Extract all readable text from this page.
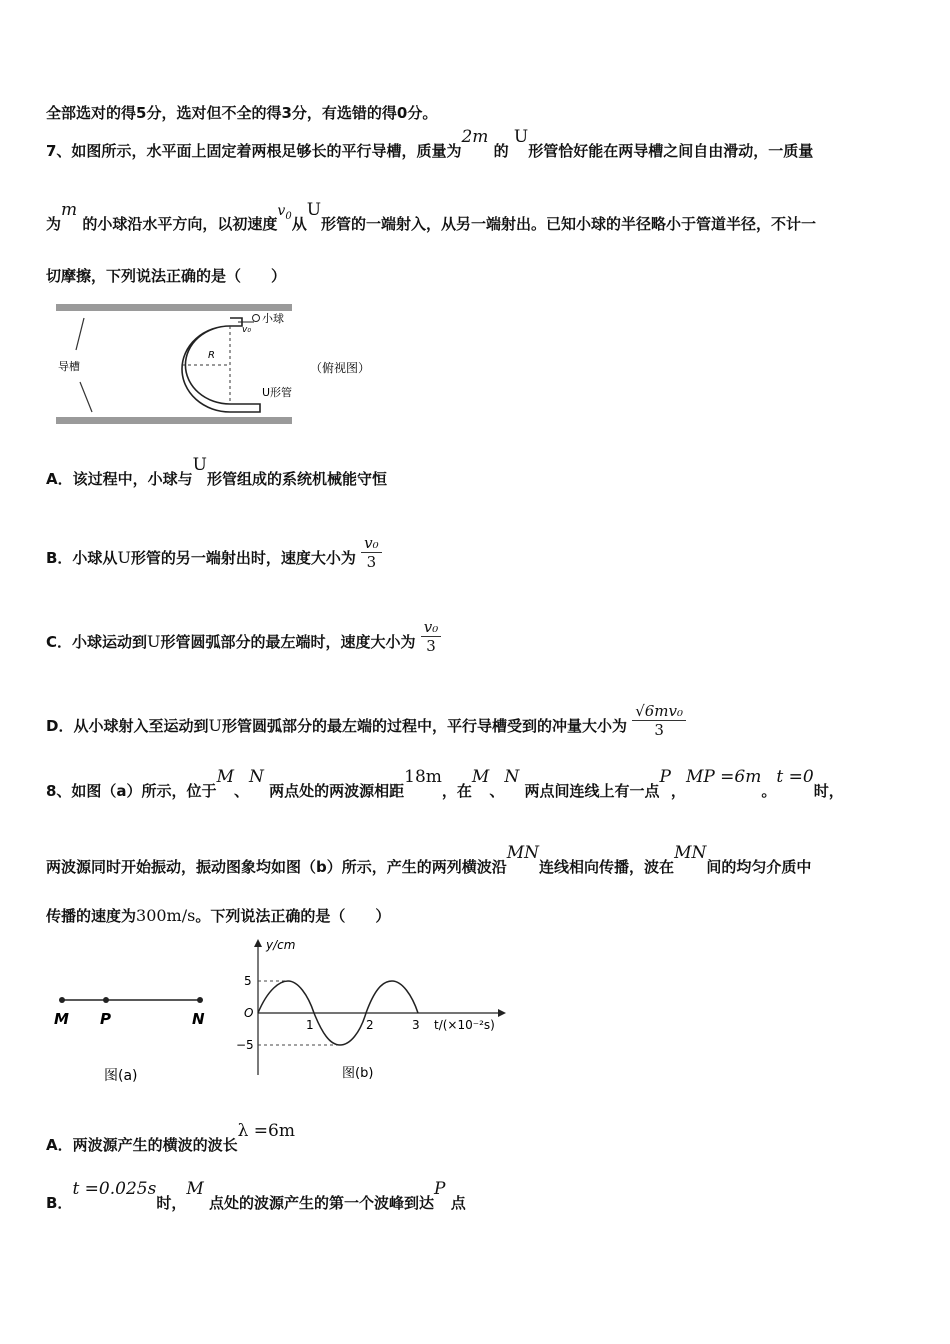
全部选对的得5分，选对但不全的得3分，有选错的得0分。
7、如图所示，水平面上固定着两根足够长的平行导槽，质量为2m 的 U形管恰好能在两导槽之间自由滑动，一质量
为m 的小球沿水平方向，以初速度$v_0$从U形管的一端射入，从另一端射出。已知小球的半径略小于管道半径，不计一
切摩擦，下列说法正确的是（　　）
导槽
R
v₀
小球
U形管
（俯视图）
A．该过程中，小球与U形管组成的系统机械能守恒
B．小球从U形管的另一端射出时，速度大小为 $\frac{\text{v₀}}{3}$
C．小球运动到U形管圆弧部分的最左端时，速度大小为 $\frac{\text{v₀}}{3}$
D．从小球射入至运动到U形管圆弧部分的最左端的过程中，平行导槽受到的冲量大小为 $\frac{\text{√6mv₀}}{3}$
8、如图（a）所示，位于M、N 两点处的两波源相距18m，在M、N 两点间连线上有一点P，MP =6m。t =0时，
两波源同时开始振动，振动图象均如图（b）所示，产生的两列横波沿MN连线相向传播，波在MN间的均匀介质中
传播的速度为300m/s。下列说法正确的是（　　）
M P	N
图(a)
y/cm
5
−5
O
1	2	3 t/(×10⁻²s)
图(b)
A．两波源产生的横波的波长λ =6m
B．t =0.025s时，M 点处的波源产生的第一个波峰到达P 点
